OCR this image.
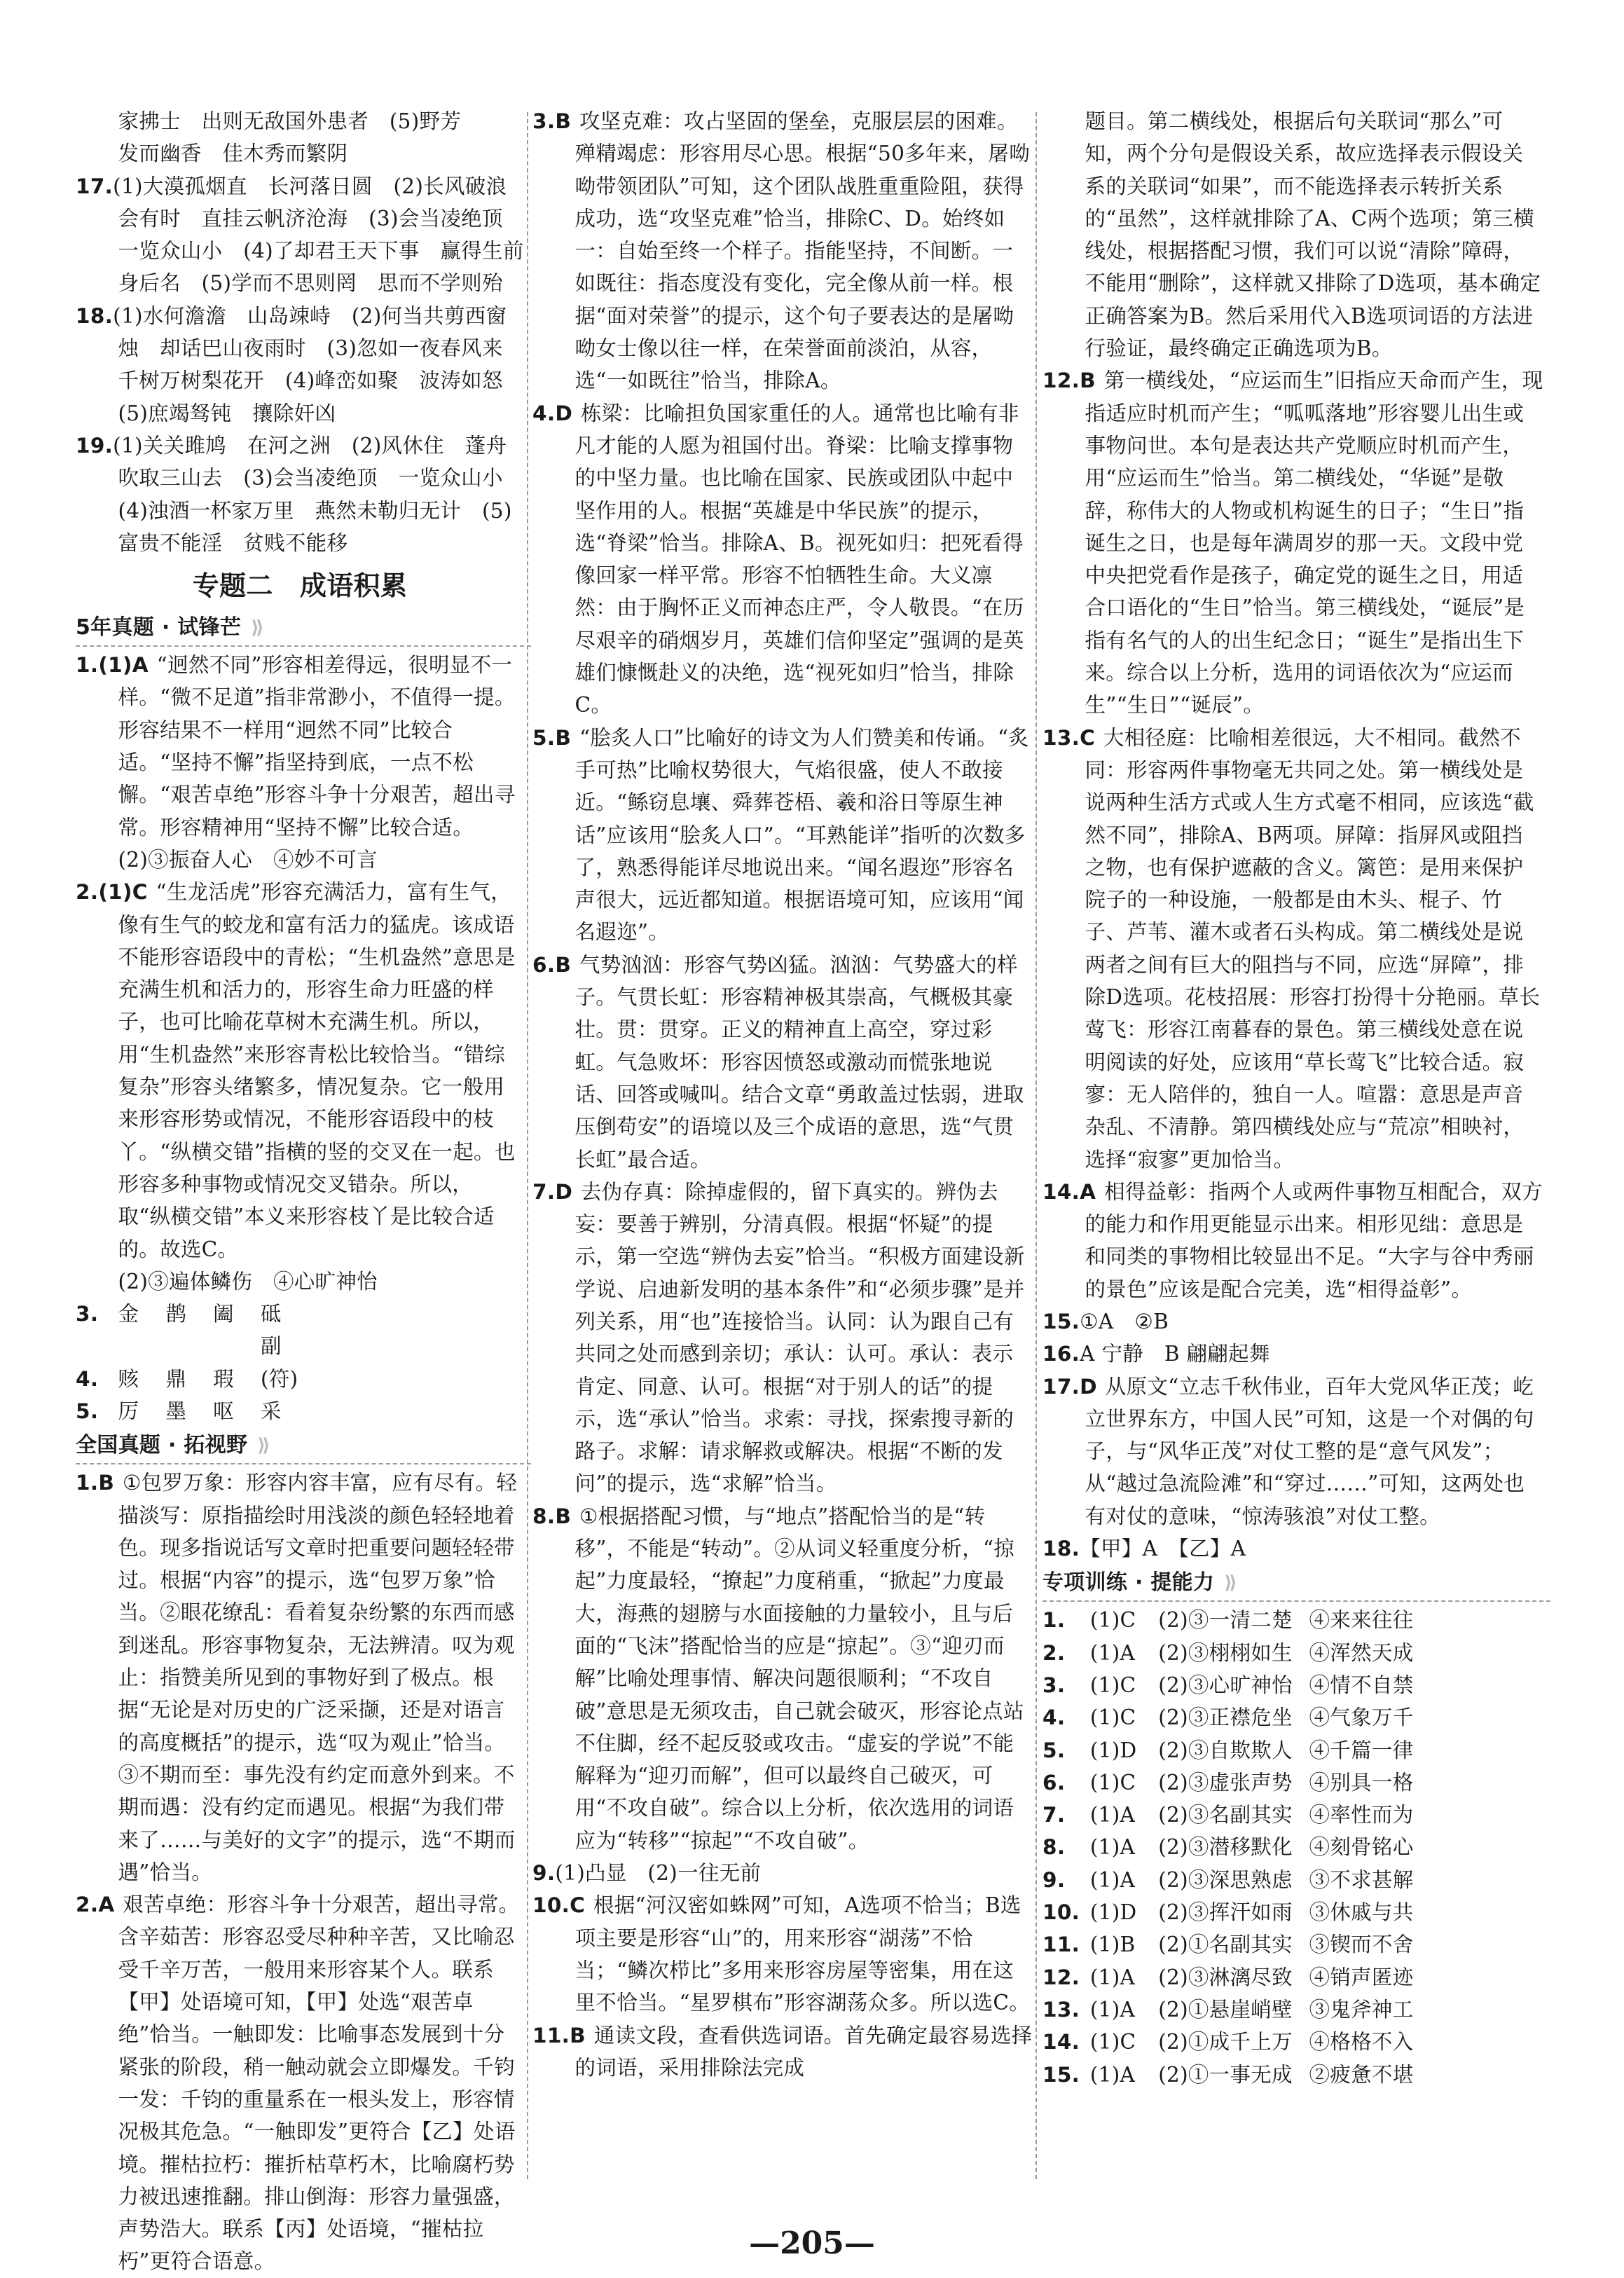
家拂士　出则无敌国外患者　(5)野芳

发而幽香　佳木秀而繁阴

17.(1)大漠孤烟直　长河落日圆　(2)长风破浪会有时　直挂云帆济沧海　(3)会当凌绝顶　一览众山小　(4)了却君王天下事　赢得生前身后名　(5)学而不思则罔　思而不学则殆

18.(1)水何澹澹　山岛竦峙　(2)何当共剪西窗烛　却话巴山夜雨时　(3)忽如一夜春风来　千树万树梨花开　(4)峰峦如聚　波涛如怒　(5)庶竭驽钝　攘除奸凶

19.(1)关关雎鸠　在河之洲　(2)风休住　蓬舟吹取三山去　(3)会当凌绝顶　一览众山小　(4)浊酒一杯家万里　燕然未勒归无计　(5)富贵不能淫　贫贱不能移

专题二　成语积累
5年真题 · 试锋芒 ⟫

1.(1)A “迥然不同”形容相差得远，很明显不一样。“微不足道”指非常渺小，不值得一提。形容结果不一样用“迥然不同”比较合适。“坚持不懈”指坚持到底，一点不松懈。“艰苦卓绝”形容斗争十分艰苦，超出寻常。形容精神用“坚持不懈”比较合适。

(2)③振奋人心　④妙不可言

2.(1)C “生龙活虎”形容充满活力，富有生气，像有生气的蛟龙和富有活力的猛虎。该成语不能形容语段中的青松；“生机盎然”意思是充满生机和活力的，形容生命力旺盛的样子，也可比喻花草树木充满生机。所以，用“生机盎然”来形容青松比较恰当。“错综复杂”形容头绪繁多，情况复杂。它一般用来形容形势或情况，不能形容语段中的枝丫。“纵横交错”指横的竖的交叉在一起。也形容多种事物或情况交叉错杂。所以，取“纵横交错”本义来形容枝丫是比较合适的。故选C。

(2)③遍体鳞伤　④心旷神怡

3. 金 鹊 阖 砥

4. 赅 鼎 瑕副(符)

5. 厉 墨 呕 采

全国真题 · 拓视野 ⟫

1.B ①包罗万象：形容内容丰富，应有尽有。轻描淡写：原指描绘时用浅淡的颜色轻轻地着色。现多指说话写文章时把重要问题轻轻带过。根据“内容”的提示，选“包罗万象”恰当。②眼花缭乱：看着复杂纷繁的东西而感到迷乱。形容事物复杂，无法辨清。叹为观止：指赞美所见到的事物好到了极点。根据“无论是对历史的广泛采撷，还是对语言的高度概括”的提示，选“叹为观止”恰当。③不期而至：事先没有约定而意外到来。不期而遇：没有约定而遇见。根据“为我们带来了……与美好的文字”的提示，选“不期而遇”恰当。

2.A 艰苦卓绝：形容斗争十分艰苦，超出寻常。含辛茹苦：形容忍受尽种种辛苦，又比喻忍受千辛万苦，一般用来形容某个人。联系【甲】处语境可知，【甲】处选“艰苦卓绝”恰当。一触即发：比喻事态发展到十分紧张的阶段，稍一触动就会立即爆发。千钧一发：千钧的重量系在一根头发上，形容情况极其危急。“一触即发”更符合【乙】处语境。摧枯拉朽：摧折枯草朽木，比喻腐朽势力被迅速推翻。排山倒海：形容力量强盛，声势浩大。联系【丙】处语境，“摧枯拉朽”更符合语意。

3.B 攻坚克难：攻占坚固的堡垒，克服层层的困难。殚精竭虑：形容用尽心思。根据“50多年来，屠呦呦带领团队”可知，这个团队战胜重重险阻，获得成功，选“攻坚克难”恰当，排除C、D。始终如一：自始至终一个样子。指能坚持，不间断。一如既往：指态度没有变化，完全像从前一样。根据“面对荣誉”的提示，这个句子要表达的是屠呦呦女士像以往一样，在荣誉面前淡泊，从容，选“一如既往”恰当，排除A。

4.D 栋梁：比喻担负国家重任的人。通常也比喻有非凡才能的人愿为祖国付出。脊梁：比喻支撑事物的中坚力量。也比喻在国家、民族或团队中起中坚作用的人。根据“英雄是中华民族”的提示，选“脊梁”恰当。排除A、B。视死如归：把死看得像回家一样平常。形容不怕牺牲生命。大义凛然：由于胸怀正义而神态庄严，令人敬畏。“在历尽艰辛的硝烟岁月，英雄们信仰坚定”强调的是英雄们慷慨赴义的决绝，选“视死如归”恰当，排除C。

5.B “脍炙人口”比喻好的诗文为人们赞美和传诵。“炙手可热”比喻权势很大，气焰很盛，使人不敢接近。“鲧窃息壤、舜葬苍梧、羲和浴日等原生神话”应该用“脍炙人口”。“耳熟能详”指听的次数多了，熟悉得能详尽地说出来。“闻名遐迩”形容名声很大，远近都知道。根据语境可知，应该用“闻名遐迩”。

6.B 气势汹汹：形容气势凶猛。汹汹：气势盛大的样子。气贯长虹：形容精神极其崇高，气概极其豪壮。贯：贯穿。正义的精神直上高空，穿过彩虹。气急败坏：形容因愤怒或激动而慌张地说话、回答或喊叫。结合文章“勇敢盖过怯弱，进取压倒苟安”的语境以及三个成语的意思，选“气贯长虹”最合适。

7.D 去伪存真：除掉虚假的，留下真实的。辨伪去妄：要善于辨别，分清真假。根据“怀疑”的提示，第一空选“辨伪去妄”恰当。“积极方面建设新学说、启迪新发明的基本条件”和“必须步骤”是并列关系，用“也”连接恰当。认同：认为跟自己有共同之处而感到亲切；承认：认可。承认：表示肯定、同意、认可。根据“对于别人的话”的提示，选“承认”恰当。求索：寻找，探索搜寻新的路子。求解：请求解救或解决。根据“不断的发问”的提示，选“求解”恰当。

8.B ①根据搭配习惯，与“地点”搭配恰当的是“转移”，不能是“转动”。②从词义轻重度分析，“掠起”力度最轻，“撩起”力度稍重，“掀起”力度最大，海燕的翅膀与水面接触的力量较小，且与后面的“飞沫”搭配恰当的应是“掠起”。③“迎刃而解”比喻处理事情、解决问题很顺利；“不攻自破”意思是无须攻击，自己就会破灭，形容论点站不住脚，经不起反驳或攻击。“虚妄的学说”不能解释为“迎刃而解”，但可以最终自己破灭，可用“不攻自破”。综合以上分析，依次选用的词语应为“转移”“掠起”“不攻自破”。

9.(1)凸显　(2)一往无前

10.C 根据“河汉密如蛛网”可知，A选项不恰当；B选项主要是形容“山”的，用来形容“湖荡”不恰当；“鳞次栉比”多用来形容房屋等密集，用在这里不恰当。“星罗棋布”形容湖荡众多。所以选C。

11.B 通读文段，查看供选词语。首先确定最容易选择的词语，采用排除法完成

题目。第二横线处，根据后句关联词“那么”可知，两个分句是假设关系，故应选择表示假设关系的关联词“如果”，而不能选择表示转折关系的“虽然”，这样就排除了A、C两个选项；第三横线处，根据搭配习惯，我们可以说“清除”障碍，不能用“删除”，这样就又排除了D选项，基本确定正确答案为B。然后采用代入B选项词语的方法进行验证，最终确定正确选项为B。

12.B 第一横线处，“应运而生”旧指应天命而产生，现指适应时机而产生；“呱呱落地”形容婴儿出生或事物问世。本句是表达共产党顺应时机而产生，用“应运而生”恰当。第二横线处，“华诞”是敬辞，称伟大的人物或机构诞生的日子；“生日”指诞生之日，也是每年满周岁的那一天。文段中党中央把党看作是孩子，确定党的诞生之日，用适合口语化的“生日”恰当。第三横线处，“诞辰”是指有名气的人的出生纪念日；“诞生”是指出生下来。综合以上分析，选用的词语依次为“应运而生”“生日”“诞辰”。

13.C 大相径庭：比喻相差很远，大不相同。截然不同：形容两件事物毫无共同之处。第一横线处是说两种生活方式或人生方式毫不相同，应该选“截然不同”，排除A、B两项。屏障：指屏风或阻挡之物，也有保护遮蔽的含义。篱笆：是用来保护院子的一种设施，一般都是由木头、棍子、竹子、芦苇、灌木或者石头构成。第二横线处是说两者之间有巨大的阻挡与不同，应选“屏障”，排除D选项。花枝招展：形容打扮得十分艳丽。草长莺飞：形容江南暮春的景色。第三横线处意在说明阅读的好处，应该用“草长莺飞”比较合适。寂寥：无人陪伴的，独自一人。喧嚣：意思是声音杂乱、不清静。第四横线处应与“荒凉”相映衬，选择“寂寥”更加恰当。

14.A 相得益彰：指两个人或两件事物互相配合，双方的能力和作用更能显示出来。相形见绌：意思是和同类的事物相比较显出不足。“大字与谷中秀丽的景色”应该是配合完美，选“相得益彰”。

15.①A　②B

16.A 宁静　B 翩翩起舞

17.D 从原文“立志千秋伟业，百年大党风华正茂；屹立世界东方，中国人民”可知，这是一个对偶的句子，与“风华正茂”对仗工整的是“意气风发”；从“越过急流险滩”和“穿过……”可知，这两处也有对仗的意味，“惊涛骇浪”对仗工整。

18.【甲】A　【乙】A

专项训练 · 提能力 ⟫

1. (1)C (2)③一清二楚 ④来来往往

2. (1)A (2)③栩栩如生 ④浑然天成

3. (1)C (2)③心旷神怡 ④情不自禁

4. (1)C (2)③正襟危坐 ④气象万千

5. (1)D (2)③自欺欺人 ④千篇一律

6. (1)C (2)③虚张声势 ④别具一格

7. (1)A (2)③名副其实 ④率性而为

8. (1)A (2)③潜移默化 ④刻骨铭心

9. (1)A (2)③深思熟虑 ③不求甚解

10. (1)D (2)③挥汗如雨 ③休戚与共

11. (1)B (2)①名副其实 ③锲而不舍

12. (1)A (2)③淋漓尽致 ④销声匿迹

13. (1)A (2)①悬崖峭壁 ③鬼斧神工

14. (1)C (2)①成千上万 ④格格不入

15. (1)A (2)①一事无成 ②疲惫不堪

—205—
